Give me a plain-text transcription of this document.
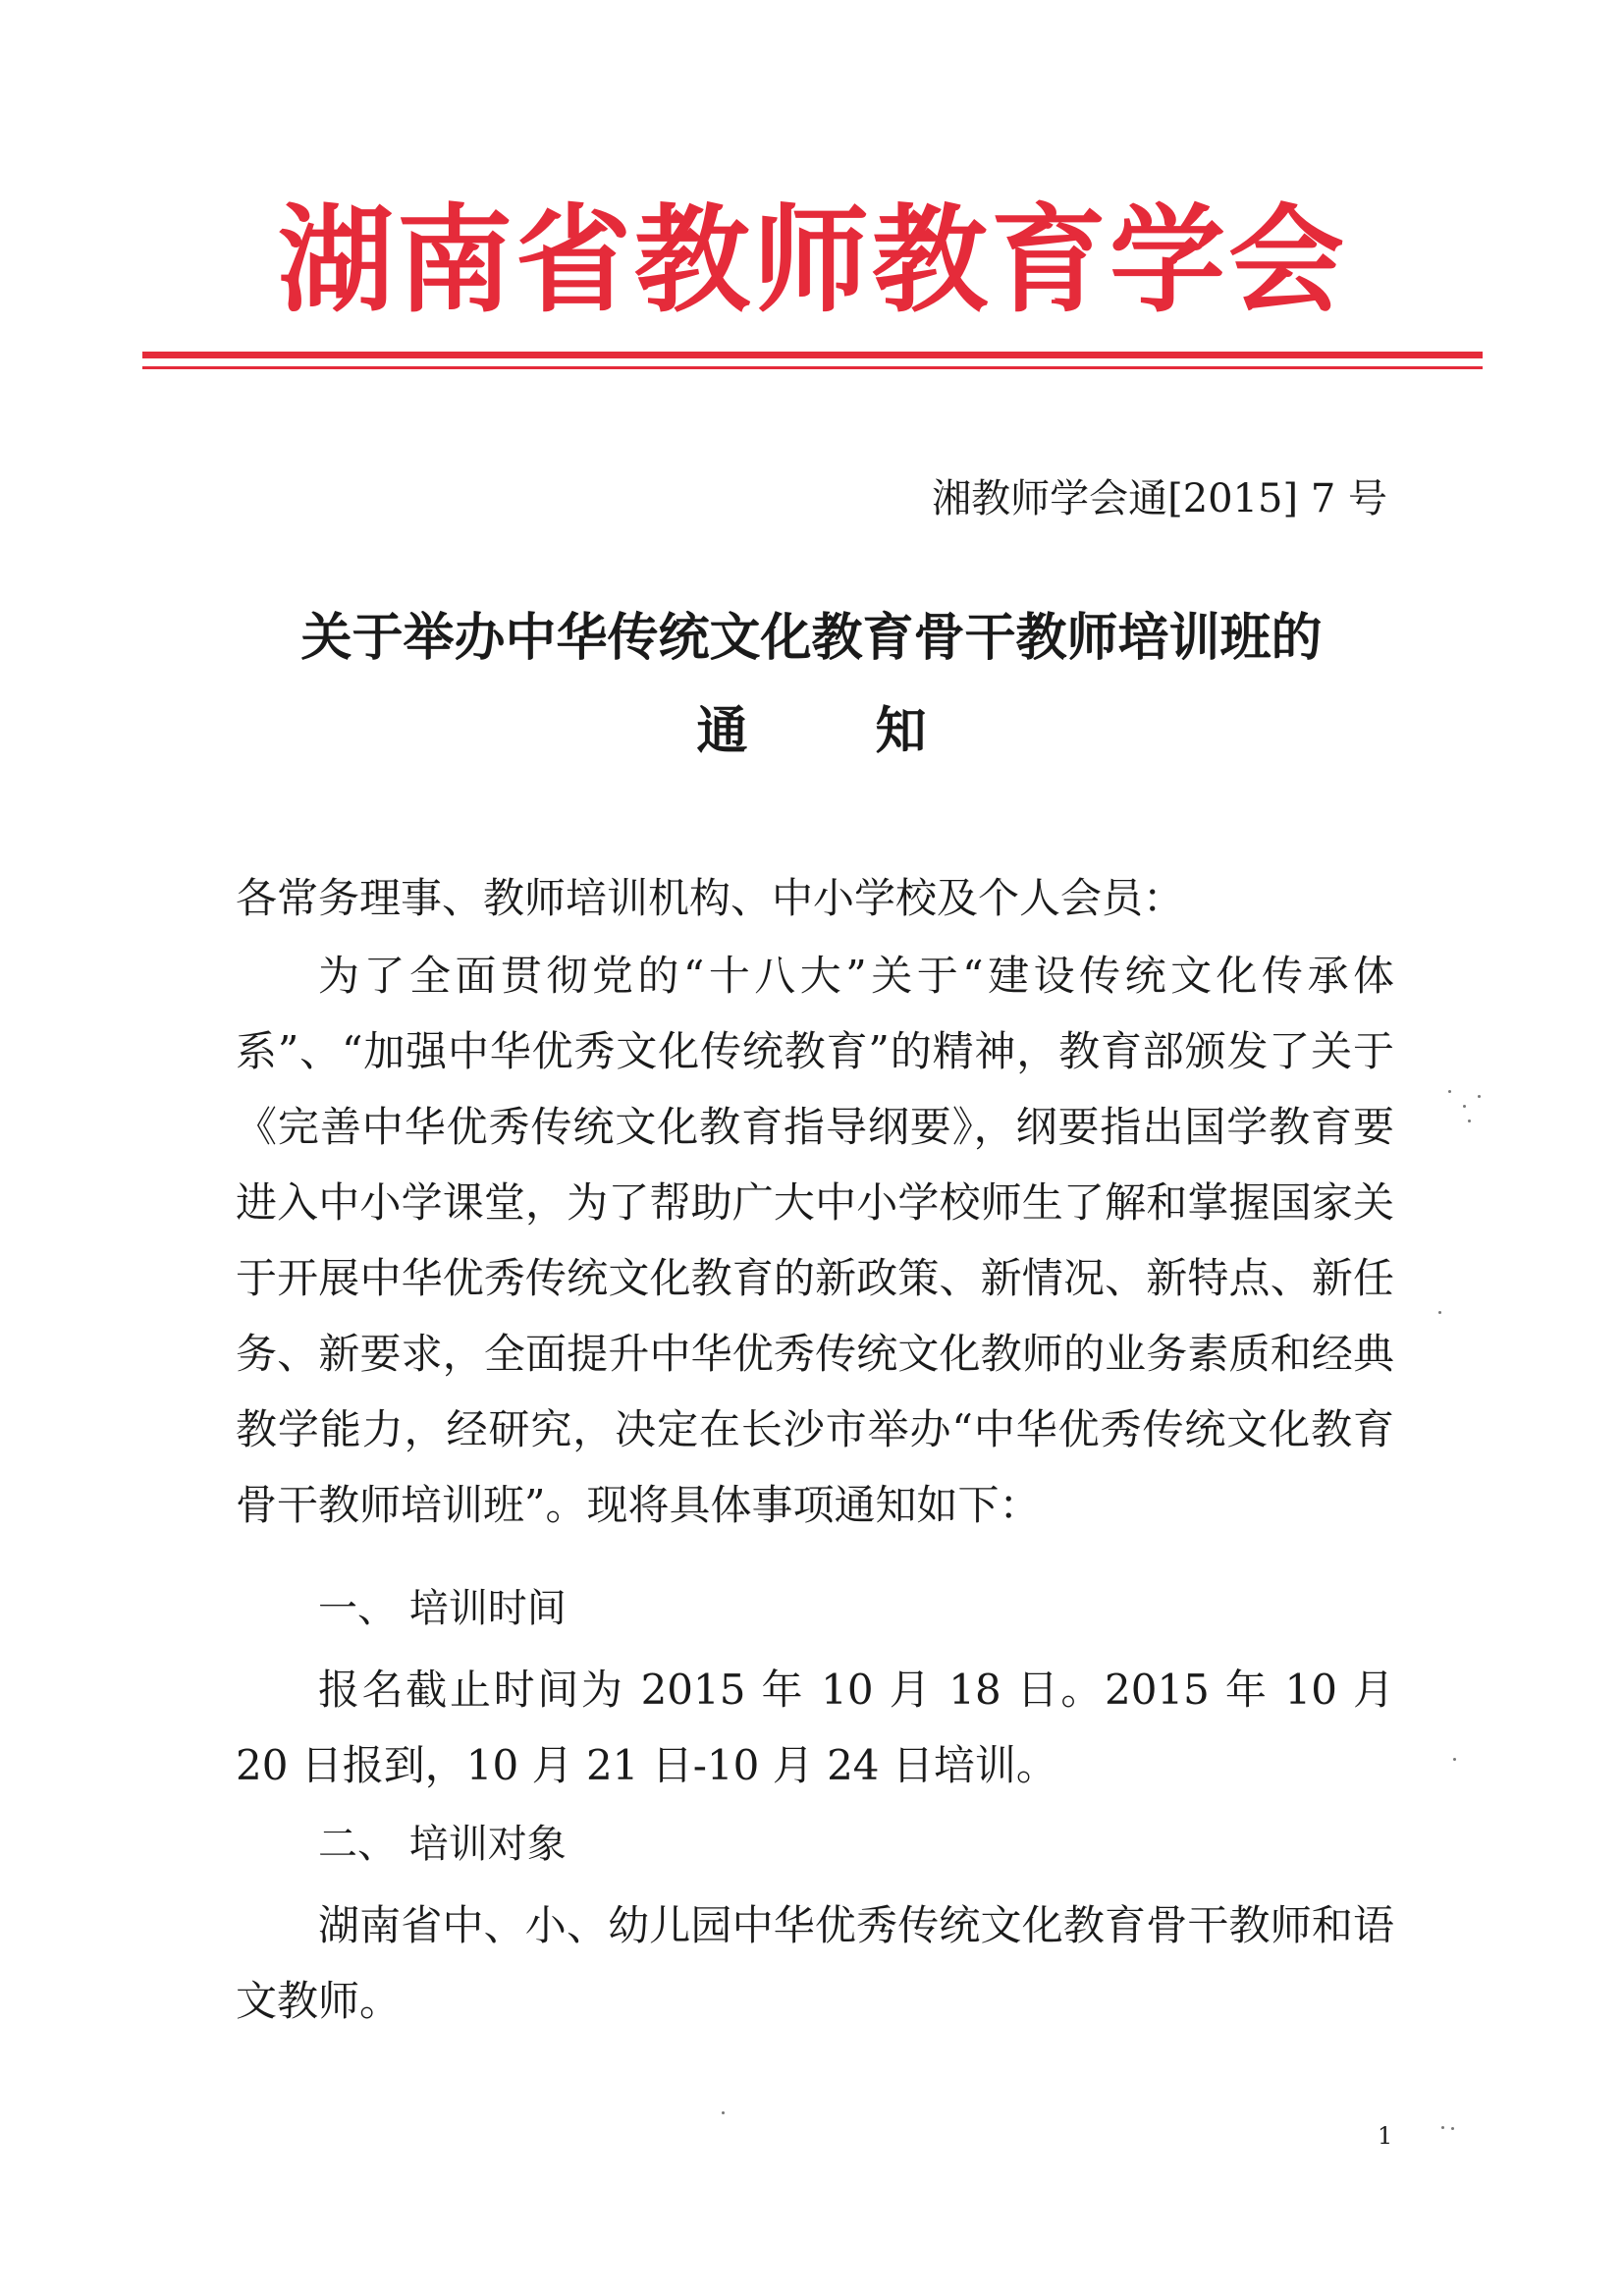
湖南省教师教育学会
湘教师学会通[2015] 7 号
关于举办中华传统文化教育骨干教师培训班的
通知
各常务理事、教师培训机构、中小学校及个人会员：
为了全面贯彻党的“十八大”关于“建设传统文化传承体系”、“加强中华优秀文化传统教育”的精神，教育部颁发了关于《完善中华优秀传统文化教育指导纲要》，纲要指出国学教育要进入中小学课堂，为了帮助广大中小学校师生了解和掌握国家关于开展中华优秀传统文化教育的新政策、新情况、新特点、新任务、新要求，全面提升中华优秀传统文化教师的业务素质和经典教学能力，经研究，决定在长沙市举办“中华优秀传统文化教育骨干教师培训班”。现将具体事项通知如下：
一、 培训时间
报名截止时间为 2015 年 10 月 18 日。2015 年 10 月 20 日报到，10 月 21 日-10 月 24 日培训。
二、 培训对象
湖南省中、小、幼儿园中华优秀传统文化教育骨干教师和语文教师。
1
